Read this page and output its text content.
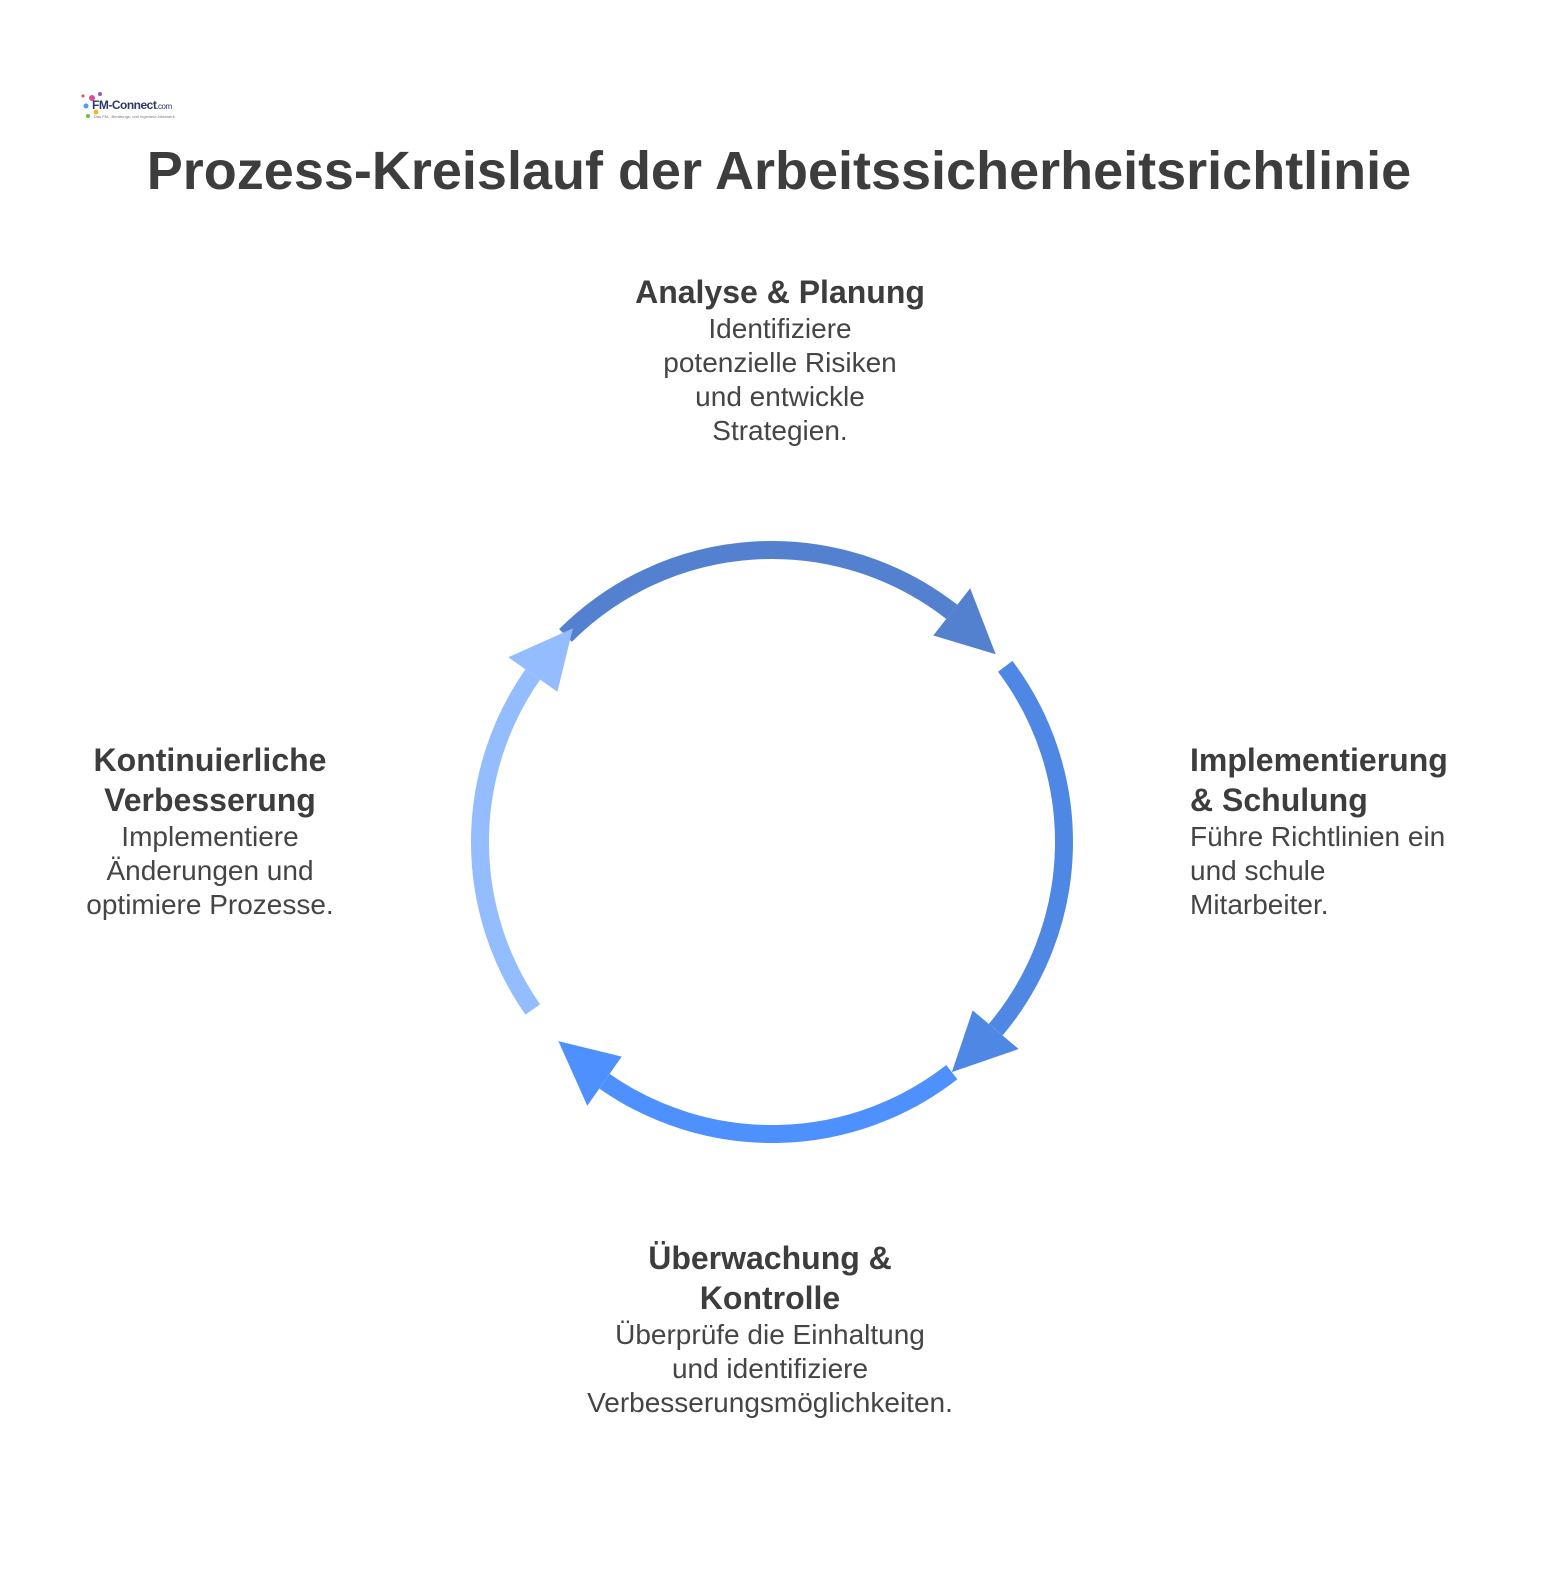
FM-Connect.com
Das FM-, Beratungs- und Ingenieur-Netzwerk
Prozess-Kreislauf der Arbeitssicherheitsrichtlinie
Analyse & Planung
Identifiziere
potenzielle Risiken
und entwickle
Strategien.
Implementierung
& Schulung
Führe Richtlinien ein
und schule
Mitarbeiter.
Überwachung &
Kontrolle
Überprüfe die Einhaltung
und identifiziere
Verbesserungsmöglichkeiten.
Kontinuierliche
Verbesserung
Implementiere
Änderungen und
optimiere Prozesse.
